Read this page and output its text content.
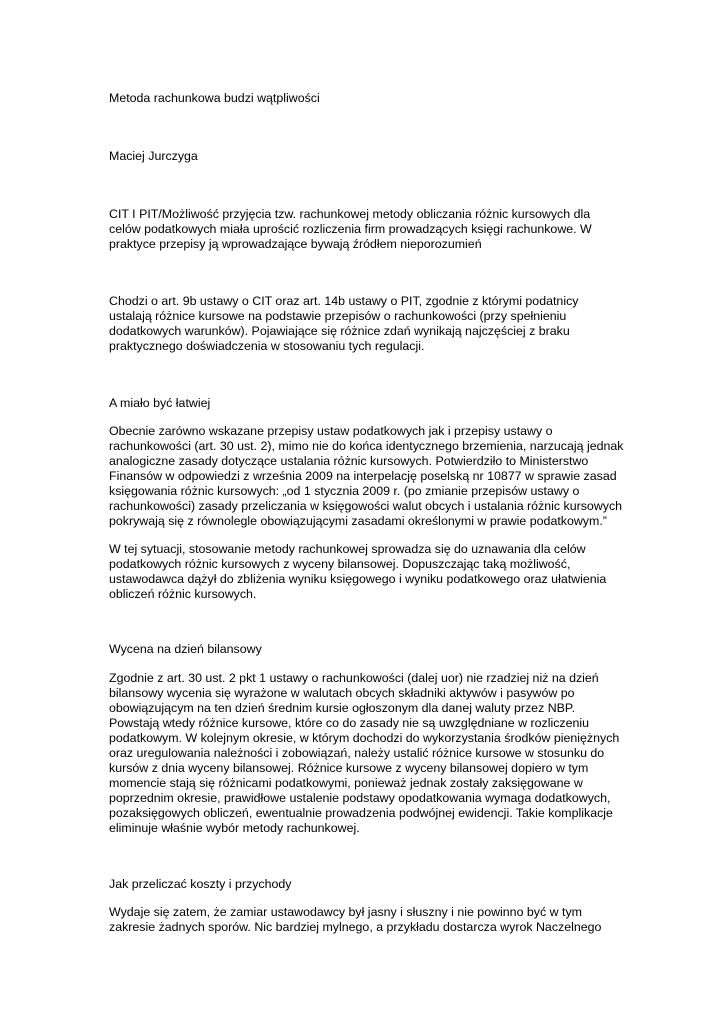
Metoda rachunkowa budzi wątpliwości
Maciej Jurczyga
CIT I PIT/Możliwość przyjęcia tzw. rachunkowej metody obliczania różnic kursowych dla
celów podatkowych miała uprościć rozliczenia firm prowadzących księgi rachunkowe. W
praktyce przepisy ją wprowadzające bywają źródłem nieporozumień
Chodzi o art. 9b ustawy o CIT oraz art. 14b ustawy o PIT, zgodnie z którymi podatnicy
ustalają różnice kursowe na podstawie przepisów o rachunkowości (przy spełnieniu
dodatkowych warunków). Pojawiające się różnice zdań wynikają najczęściej z braku
praktycznego doświadczenia w stosowaniu tych regulacji.
A miało być łatwiej
Obecnie zarówno wskazane przepisy ustaw podatkowych jak i przepisy ustawy o
rachunkowości (art. 30 ust. 2), mimo nie do końca identycznego brzemienia, narzucają jednak
analogiczne zasady dotyczące ustalania różnic kursowych. Potwierdziło to Ministerstwo
Finansów w odpowiedzi z września 2009 na interpelację poselską nr 10877 w sprawie zasad
księgowania różnic kursowych: „od 1 stycznia 2009 r. (po zmianie przepisów ustawy o
rachunkowości) zasady przeliczania w księgowości walut obcych i ustalania różnic kursowych
pokrywają się z równolegle obowiązującymi zasadami określonymi w prawie podatkowym.”
W tej sytuacji, stosowanie metody rachunkowej sprowadza się do uznawania dla celów
podatkowych różnic kursowych z wyceny bilansowej. Dopuszczając taką możliwość,
ustawodawca dążył do zbliżenia wyniku księgowego i wyniku podatkowego oraz ułatwienia
obliczeń różnic kursowych.
Wycena na dzień bilansowy
Zgodnie z art. 30 ust. 2 pkt 1 ustawy o rachunkowości (dalej uor) nie rzadziej niż na dzień
bilansowy wycenia się wyrażone w walutach obcych składniki aktywów i pasywów po
obowiązującym na ten dzień średnim kursie ogłoszonym dla danej waluty przez NBP.
Powstają wtedy różnice kursowe, które co do zasady nie są uwzględniane w rozliczeniu
podatkowym. W kolejnym okresie, w którym dochodzi do wykorzystania środków pieniężnych
oraz uregulowania należności i zobowiązań, należy ustalić różnice kursowe w stosunku do
kursów z dnia wyceny bilansowej. Różnice kursowe z wyceny bilansowej dopiero w tym
momencie stają się różnicami podatkowymi, ponieważ jednak zostały zaksięgowane w
poprzednim okresie, prawidłowe ustalenie podstawy opodatkowania wymaga dodatkowych,
pozaksięgowych obliczeń, ewentualnie prowadzenia podwójnej ewidencji. Takie komplikacje
eliminuje właśnie wybór metody rachunkowej.
Jak przeliczać koszty i przychody
Wydaje się zatem, że zamiar ustawodawcy był jasny i słuszny i nie powinno być w tym
zakresie żadnych sporów. Nic bardziej mylnego, a przykładu dostarcza wyrok Naczelnego
